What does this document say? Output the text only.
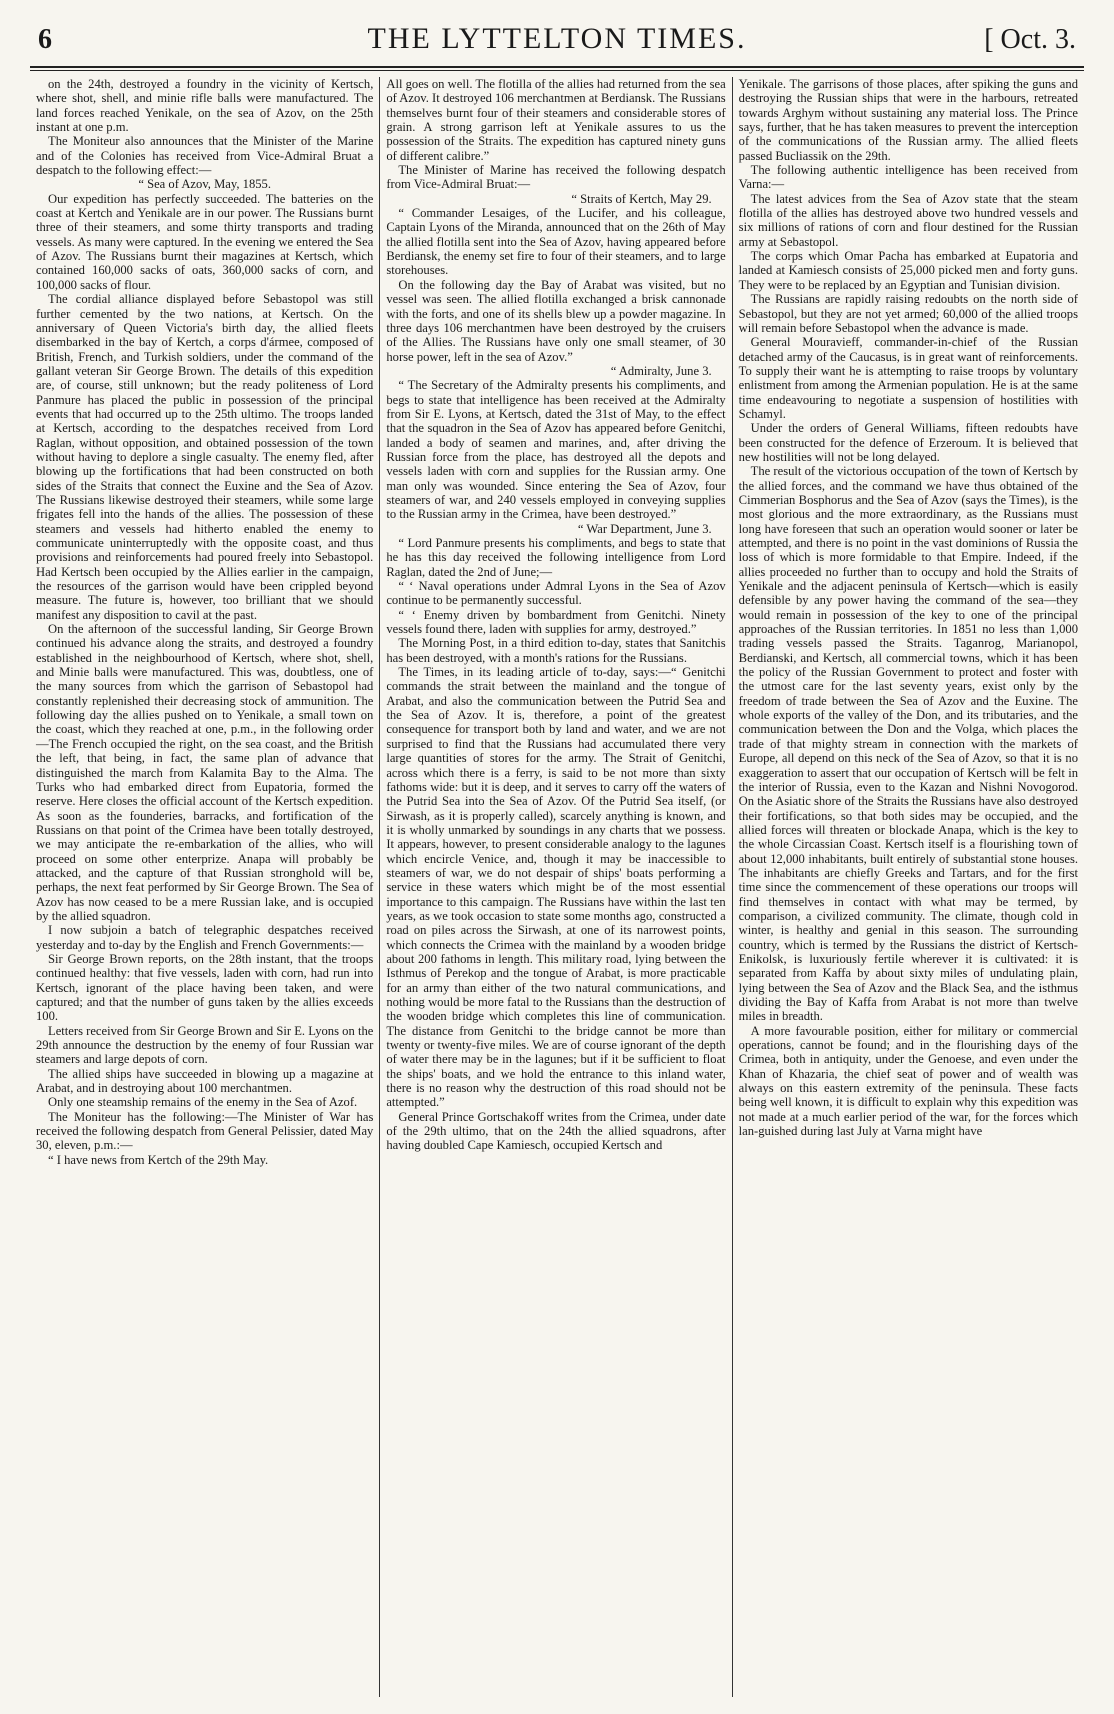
6	THE LYTTELTON TIMES.	[ Oct. 3.

on the 24th, destroyed a foundry in the vicinity of Kertsch, where shot, shell, and minie rifle balls were manufactured. The land forces reached Yenikale, on the sea of Azov, on the 25th instant at one p.m.

The Moniteur also announces that the Minister of the Marine and of the Colonies has received from Vice-Admiral Bruat a despatch to the following effect:—

“ Sea of Azov, May, 1855.

Our expedition has perfectly succeeded. The batteries on the coast at Kertch and Yenikale are in our power. The Russians burnt three of their steamers, and some thirty transports and trading vessels. As many were captured. In the evening we entered the Sea of Azov. The Russians burnt their magazines at Kertsch, which contained 160,000 sacks of oats, 360,000 sacks of corn, and 100,000 sacks of flour.

The cordial alliance displayed before Sebastopol was still further cemented by the two nations, at Kertsch. On the anniversary of Queen Victoria's birth day, the allied fleets disembarked in the bay of Kertch, a corps d'ármee, composed of British, French, and Turkish soldiers, under the command of the gallant veteran Sir George Brown. The details of this expedition are, of course, still unknown; but the ready politeness of Lord Panmure has placed the public in possession of the principal events that had occurred up to the 25th ultimo. The troops landed at Kertsch, according to the despatches received from Lord Raglan, without opposition, and obtained possession of the town without having to deplore a single casualty. The enemy fled, after blowing up the fortifications that had been constructed on both sides of the Straits that connect the Euxine and the Sea of Azov. The Russians likewise destroyed their steamers, while some large frigates fell into the hands of the allies. The possession of these steamers and vessels had hitherto enabled the enemy to communicate uninterruptedly with the opposite coast, and thus provisions and reinforcements had poured freely into Sebastopol. Had Kertsch been occupied by the Allies earlier in the campaign, the resources of the garrison would have been crippled beyond measure. The future is, however, too brilliant that we should manifest any disposition to cavil at the past.

On the afternoon of the successful landing, Sir George Brown continued his advance along the straits, and destroyed a foundry established in the neighbourhood of Kertsch, where shot, shell, and Minie balls were manufactured. This was, doubtless, one of the many sources from which the garrison of Sebastopol had constantly replenished their decreasing stock of ammunition. The following day the allies pushed on to Yenikale, a small town on the coast, which they reached at one, p.m., in the following order —The French occupied the right, on the sea coast, and the British the left, that being, in fact, the same plan of advance that distinguished the march from Kalamita Bay to the Alma. The Turks who had embarked direct from Eupatoria, formed the reserve. Here closes the official account of the Kertsch expedition. As soon as the founderies, barracks, and fortification of the Russians on that point of the Crimea have been totally destroyed, we may anticipate the re-embarkation of the allies, who will proceed on some other enterprize. Anapa will probably be attacked, and the capture of that Russian stronghold will be, perhaps, the next feat performed by Sir George Brown. The Sea of Azov has now ceased to be a mere Russian lake, and is occupied by the allied squadron.

I now subjoin a batch of telegraphic despatches received yesterday and to-day by the English and French Governments:—

Sir George Brown reports, on the 28th instant, that the troops continued healthy: that five vessels, laden with corn, had run into Kertsch, ignorant of the place having been taken, and were captured; and that the number of guns taken by the allies exceeds 100.

Letters received from Sir George Brown and Sir E. Lyons on the 29th announce the destruction by the enemy of four Russian war steamers and large depots of corn.

The allied ships have succeeded in blowing up a magazine at Arabat, and in destroying about 100 merchantmen.

Only one steamship remains of the enemy in the Sea of Azof.

The Moniteur has the following:—The Minister of War has received the following despatch from General Pelissier, dated May 30, eleven, p.m.:—

“ I have news from Kertch of the 29th May.

All goes on well. The flotilla of the allies had returned from the sea of Azov. It destroyed 106 merchantmen at Berdiansk. The Russians themselves burnt four of their steamers and considerable stores of grain. A strong garrison left at Yenikale assures to us the possession of the Straits. The expedition has captured ninety guns of different calibre.”

The Minister of Marine has received the following despatch from Vice-Admiral Bruat:—

“ Straits of Kertch, May 29.

“ Commander Lesaiges, of the Lucifer, and his colleague, Captain Lyons of the Miranda, announced that on the 26th of May the allied flotilla sent into the Sea of Azov, having appeared before Berdiansk, the enemy set fire to four of their steamers, and to large storehouses.

On the following day the Bay of Arabat was visited, but no vessel was seen. The allied flotilla exchanged a brisk cannonade with the forts, and one of its shells blew up a powder magazine. In three days 106 merchantmen have been destroyed by the cruisers of the Allies. The Russians have only one small steamer, of 30 horse power, left in the sea of Azov.”

“ Admiralty, June 3.

“ The Secretary of the Admiralty presents his compliments, and begs to state that intelligence has been received at the Admiralty from Sir E. Lyons, at Kertsch, dated the 31st of May, to the effect that the squadron in the Sea of Azov has appeared before Genitchi, landed a body of seamen and marines, and, after driving the Russian force from the place, has destroyed all the depots and vessels laden with corn and supplies for the Russian army. One man only was wounded. Since entering the Sea of Azov, four steamers of war, and 240 vessels employed in conveying supplies to the Russian army in the Crimea, have been destroyed.”

“ War Department, June 3.

“ Lord Panmure presents his compliments, and begs to state that he has this day received the following intelligence from Lord Raglan, dated the 2nd of June;—

“ ‘ Naval operations under Admral Lyons in the Sea of Azov continue to be permanently successful.

“ ‘ Enemy driven by bombardment from Genitchi. Ninety vessels found there, laden with supplies for army, destroyed.”

The Morning Post, in a third edition to-day, states that Sanitchis has been destroyed, with a month's rations for the Russians.

The Times, in its leading article of to-day, says:—“ Genitchi commands the strait between the mainland and the tongue of Arabat, and also the communication between the Putrid Sea and the Sea of Azov. It is, therefore, a point of the greatest consequence for transport both by land and water, and we are not surprised to find that the Russians had accumulated there very large quantities of stores for the army. The Strait of Genitchi, across which there is a ferry, is said to be not more than sixty fathoms wide: but it is deep, and it serves to carry off the waters of the Putrid Sea into the Sea of Azov. Of the Putrid Sea itself, (or Sirwash, as it is properly called), scarcely anything is known, and it is wholly unmarked by soundings in any charts that we possess. It appears, however, to present considerable analogy to the lagunes which encircle Venice, and, though it may be inaccessible to steamers of war, we do not despair of ships' boats performing a service in these waters which might be of the most essential importance to this campaign. The Russians have within the last ten years, as we took occasion to state some months ago, constructed a road on piles across the Sirwash, at one of its narrowest points, which connects the Crimea with the mainland by a wooden bridge about 200 fathoms in length. This military road, lying between the Isthmus of Perekop and the tongue of Arabat, is more practicable for an army than either of the two natural communications, and nothing would be more fatal to the Russians than the destruction of the wooden bridge which completes this line of communication. The distance from Genitchi to the bridge cannot be more than twenty or twenty-five miles. We are of course ignorant of the depth of water there may be in the lagunes; but if it be sufficient to float the ships' boats, and we hold the entrance to this inland water, there is no reason why the destruction of this road should not be attempted.”

General Prince Gortschakoff writes from the Crimea, under date of the 29th ultimo, that on the 24th the allied squadrons, after having doubled Cape Kamiesch, occupied Kertsch and

Yenikale. The garrisons of those places, after spiking the guns and destroying the Russian ships that were in the harbours, retreated towards Arghym without sustaining any material loss. The Prince says, further, that he has taken measures to prevent the interception of the communications of the Russian army. The allied fleets passed Bucliassik on the 29th.

The following authentic intelligence has been received from Varna:—

The latest advices from the Sea of Azov state that the steam flotilla of the allies has destroyed above two hundred vessels and six millions of rations of corn and flour destined for the Russian army at Sebastopol.

The corps which Omar Pacha has embarked at Eupatoria and landed at Kamiesch consists of 25,000 picked men and forty guns. They were to be replaced by an Egyptian and Tunisian division.

The Russians are rapidly raising redoubts on the north side of Sebastopol, but they are not yet armed; 60,000 of the allied troops will remain before Sebastopol when the advance is made.

General Mouravieff, commander-in-chief of the Russian detached army of the Caucasus, is in great want of reinforcements. To supply their want he is attempting to raise troops by voluntary enlistment from among the Armenian population. He is at the same time endeavouring to negotiate a suspension of hostilities with Schamyl.

Under the orders of General Williams, fifteen redoubts have been constructed for the defence of Erzeroum. It is believed that new hostilities will not be long delayed.

The result of the victorious occupation of the town of Kertsch by the allied forces, and the command we have thus obtained of the Cimmerian Bosphorus and the Sea of Azov (says the Times), is the most glorious and the more extraordinary, as the Russians must long have foreseen that such an operation would sooner or later be attempted, and there is no point in the vast dominions of Russia the loss of which is more formidable to that Empire. Indeed, if the allies proceeded no further than to occupy and hold the Straits of Yenikale and the adjacent peninsula of Kertsch—which is easily defensible by any power having the command of the sea—they would remain in possession of the key to one of the principal approaches of the Russian territories. In 1851 no less than 1,000 trading vessels passed the Straits. Taganrog, Marianopol, Berdianski, and Kertsch, all commercial towns, which it has been the policy of the Russian Government to protect and foster with the utmost care for the last seventy years, exist only by the freedom of trade between the Sea of Azov and the Euxine. The whole exports of the valley of the Don, and its tributaries, and the communication between the Don and the Volga, which places the trade of that mighty stream in connection with the markets of Europe, all depend on this neck of the Sea of Azov, so that it is no exaggeration to assert that our occupation of Kertsch will be felt in the interior of Russia, even to the Kazan and Nishni Novogorod. On the Asiatic shore of the Straits the Russians have also destroyed their fortifications, so that both sides may be occupied, and the allied forces will threaten or blockade Anapa, which is the key to the whole Circassian Coast. Kertsch itself is a flourishing town of about 12,000 inhabitants, built entirely of substantial stone houses. The inhabitants are chiefly Greeks and Tartars, and for the first time since the commencement of these operations our troops will find themselves in contact with what may be termed, by comparison, a civilized community. The climate, though cold in winter, is healthy and genial in this season. The surrounding country, which is termed by the Russians the district of Kertsch-Enikolsk, is luxuriously fertile wherever it is cultivated: it is separated from Kaffa by about sixty miles of undulating plain, lying between the Sea of Azov and the Black Sea, and the isthmus dividing the Bay of Kaffa from Arabat is not more than twelve miles in breadth.

A more favourable position, either for military or commercial operations, cannot be found; and in the flourishing days of the Crimea, both in antiquity, under the Genoese, and even under the Khan of Khazaria, the chief seat of power and of wealth was always on this eastern extremity of the peninsula. These facts being well known, it is difficult to explain why this expedition was not made at a much earlier period of the war, for the forces which lan-guished during last July at Varna might have
